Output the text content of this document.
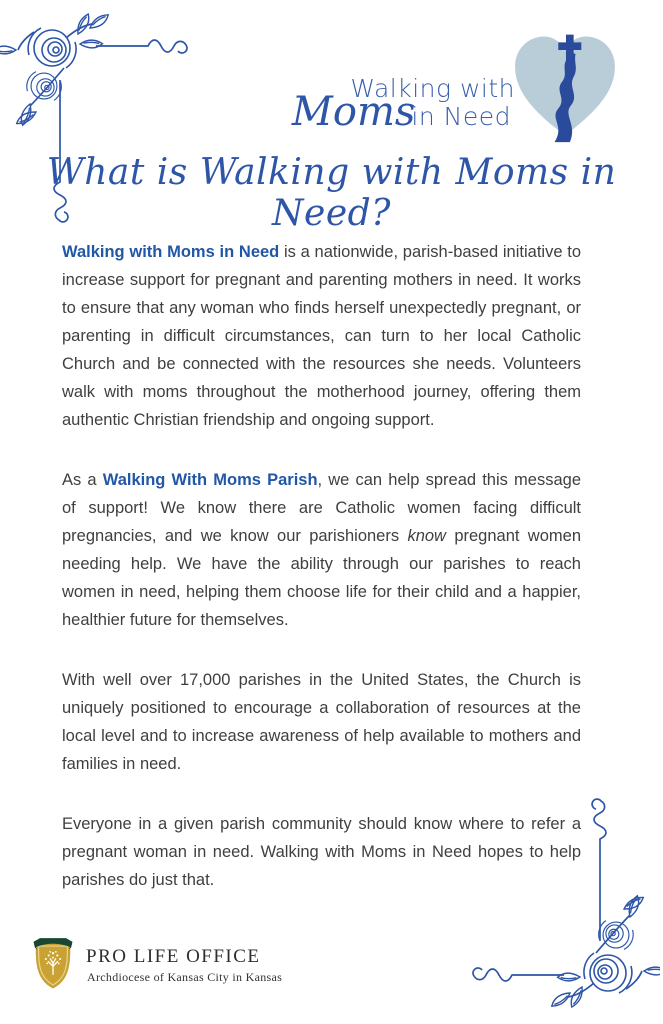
Walking with
Moms
in Need
What is Walking with Moms in Need?

Walking with Moms in Need is a nationwide, parish-based initiative to increase support for pregnant and parenting mothers in need. It works to ensure that any woman who finds herself unexpectedly pregnant, or parenting in difficult circumstances, can turn to her local Catholic Church and be connected with the resources she needs. Volunteers walk with moms throughout the motherhood journey, offering them authentic Christian friendship and ongoing support.

As a Walking With Moms Parish, we can help spread this message of support! We know there are Catholic women facing difficult pregnancies, and we know our parishioners know pregnant women needing help. We have the ability through our parishes to reach women in need, helping them choose life for their child and a happier, healthier future for themselves.

With well over 17,000 parishes in the United States, the Church is uniquely positioned to encourage a collaboration of resources at the local level and to increase awareness of help available to mothers and families in need.

Everyone in a given parish community should know where to refer a pregnant woman in need. Walking with Moms in Need hopes to help parishes do just that.

PRO LIFE OFFICE
Archdiocese of Kansas City in Kansas
